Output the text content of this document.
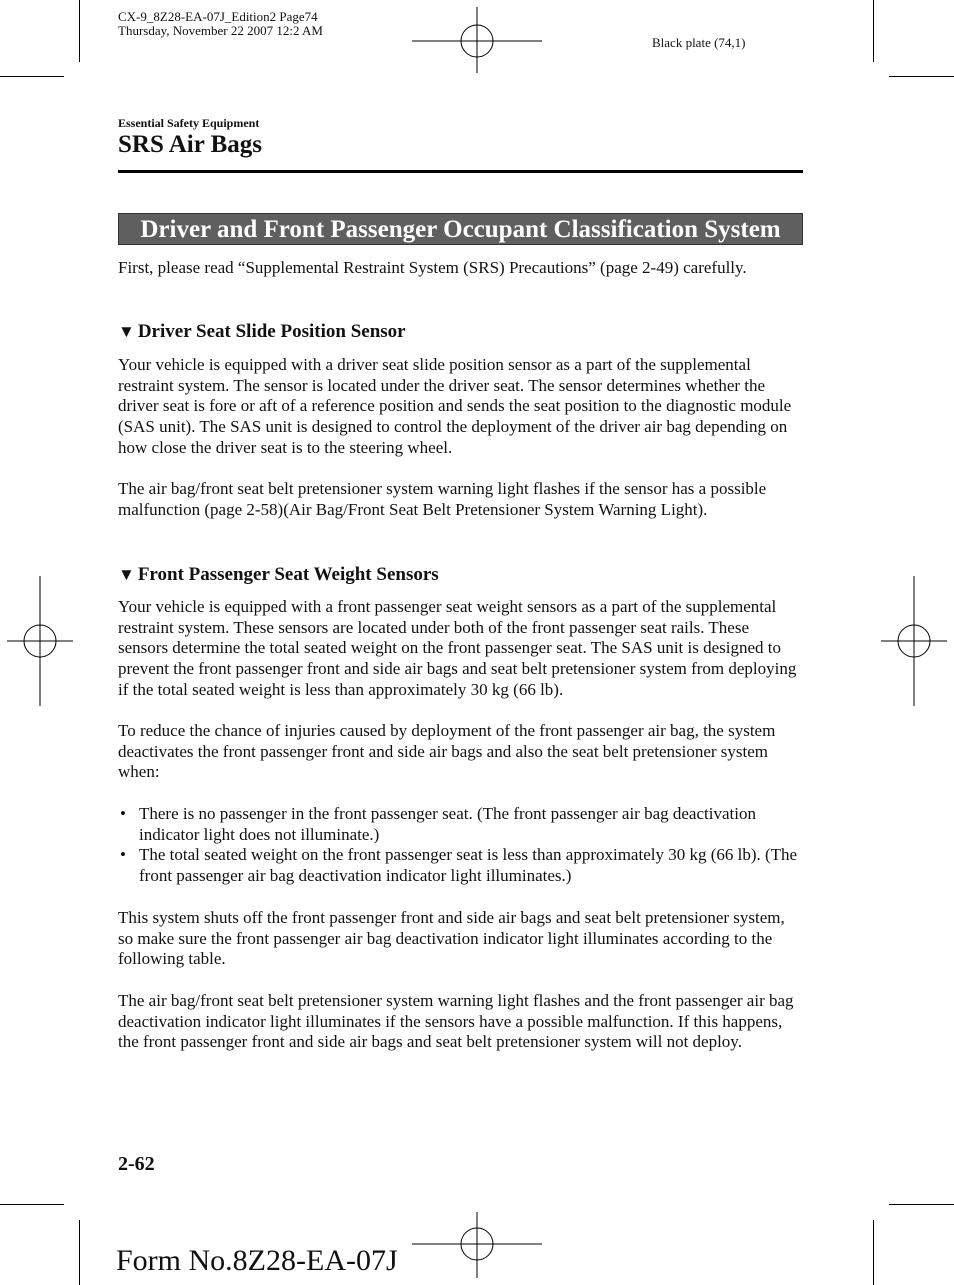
CX-9_8Z28-EA-07J_Edition2 Page74
Thursday, November 22 2007 12:2 AM
Black plate (74,1)
Essential Safety Equipment
SRS Air Bags
Driver and Front Passenger Occupant Classification System
First, please read “Supplemental Restraint System (SRS) Precautions” (page 2-49) carefully.
▼ Driver Seat Slide Position Sensor
Your vehicle is equipped with a driver seat slide position sensor as a part of the supplemental restraint system. The sensor is located under the driver seat. The sensor determines whether the driver seat is fore or aft of a reference position and sends the seat position to the diagnostic module (SAS unit). The SAS unit is designed to control the deployment of the driver air bag depending on how close the driver seat is to the steering wheel.
The air bag/front seat belt pretensioner system warning light flashes if the sensor has a possible malfunction (page 2-58)(Air Bag/Front Seat Belt Pretensioner System Warning Light).
▼ Front Passenger Seat Weight Sensors
Your vehicle is equipped with a front passenger seat weight sensors as a part of the supplemental restraint system. These sensors are located under both of the front passenger seat rails. These sensors determine the total seated weight on the front passenger seat. The SAS unit is designed to prevent the front passenger front and side air bags and seat belt pretensioner system from deploying if the total seated weight is less than approximately 30 kg (66 lb).
To reduce the chance of injuries caused by deployment of the front passenger air bag, the system deactivates the front passenger front and side air bags and also the seat belt pretensioner system when:
• There is no passenger in the front passenger seat. (The front passenger air bag deactivation indicator light does not illuminate.)
• The total seated weight on the front passenger seat is less than approximately 30 kg (66 lb). (The front passenger air bag deactivation indicator light illuminates.)
This system shuts off the front passenger front and side air bags and seat belt pretensioner system, so make sure the front passenger air bag deactivation indicator light illuminates according to the following table.
The air bag/front seat belt pretensioner system warning light flashes and the front passenger air bag deactivation indicator light illuminates if the sensors have a possible malfunction. If this happens, the front passenger front and side air bags and seat belt pretensioner system will not deploy.
2-62
Form No.8Z28-EA-07J
